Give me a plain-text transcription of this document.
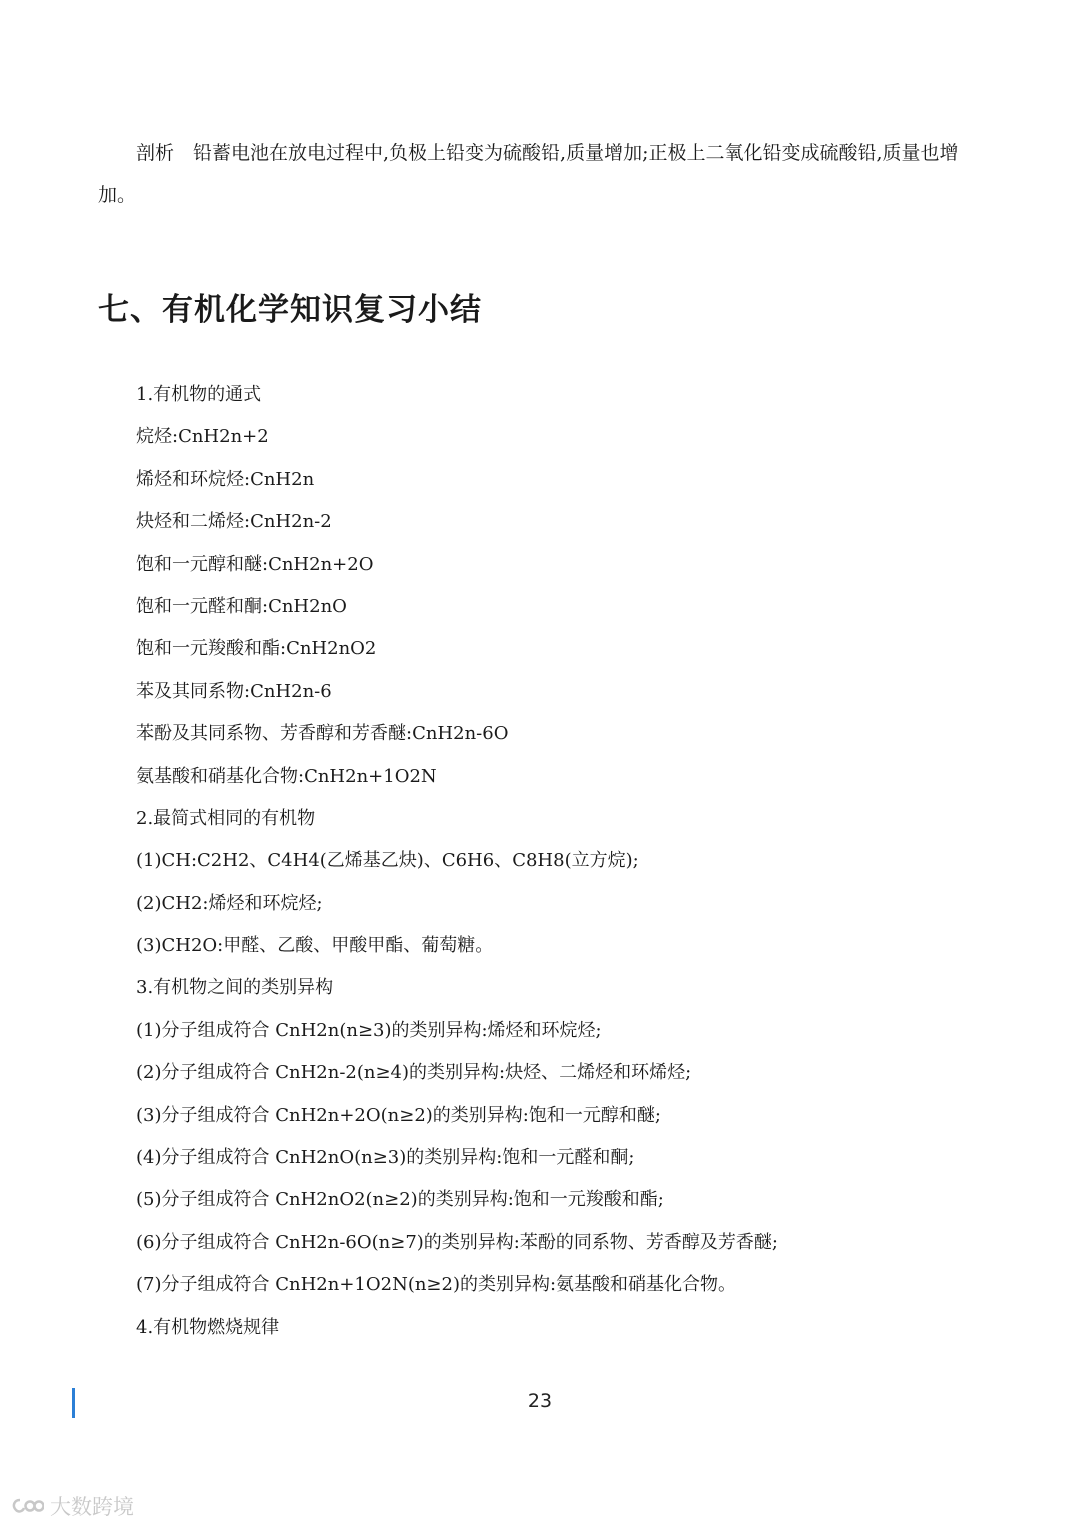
剖析　铅蓄电池在放电过程中,负极上铅变为硫酸铅,质量增加;正极上二氧化铅变成硫酸铅,质量也增加。

七、有机化学知识复习小结
1.有机物的通式
烷烃:CnH2n+2
烯烃和环烷烃:CnH2n
炔烃和二烯烃:CnH2n-2
饱和一元醇和醚:CnH2n+2O
饱和一元醛和酮:CnH2nO
饱和一元羧酸和酯:CnH2nO2
苯及其同系物:CnH2n-6
苯酚及其同系物、芳香醇和芳香醚:CnH2n-6O
氨基酸和硝基化合物:CnH2n+1O2N
2.最简式相同的有机物
(1)CH:C2H2、C4H4(乙烯基乙炔)、C6H6、C8H8(立方烷);
(2)CH2:烯烃和环烷烃;
(3)CH2O:甲醛、乙酸、甲酸甲酯、葡萄糖。
3.有机物之间的类别异构
(1)分子组成符合 CnH2n(n≥3)的类别异构:烯烃和环烷烃;
(2)分子组成符合 CnH2n-2(n≥4)的类别异构:炔烃、二烯烃和环烯烃;
(3)分子组成符合 CnH2n+2O(n≥2)的类别异构:饱和一元醇和醚;
(4)分子组成符合 CnH2nO(n≥3)的类别异构:饱和一元醛和酮;
(5)分子组成符合 CnH2nO2(n≥2)的类别异构:饱和一元羧酸和酯;
(6)分子组成符合 CnH2n-6O(n≥7)的类别异构:苯酚的同系物、芳香醇及芳香醚;
(7)分子组成符合 CnH2n+1O2N(n≥2)的类别异构:氨基酸和硝基化合物。
4.有机物燃烧规律
23
大数跨境
